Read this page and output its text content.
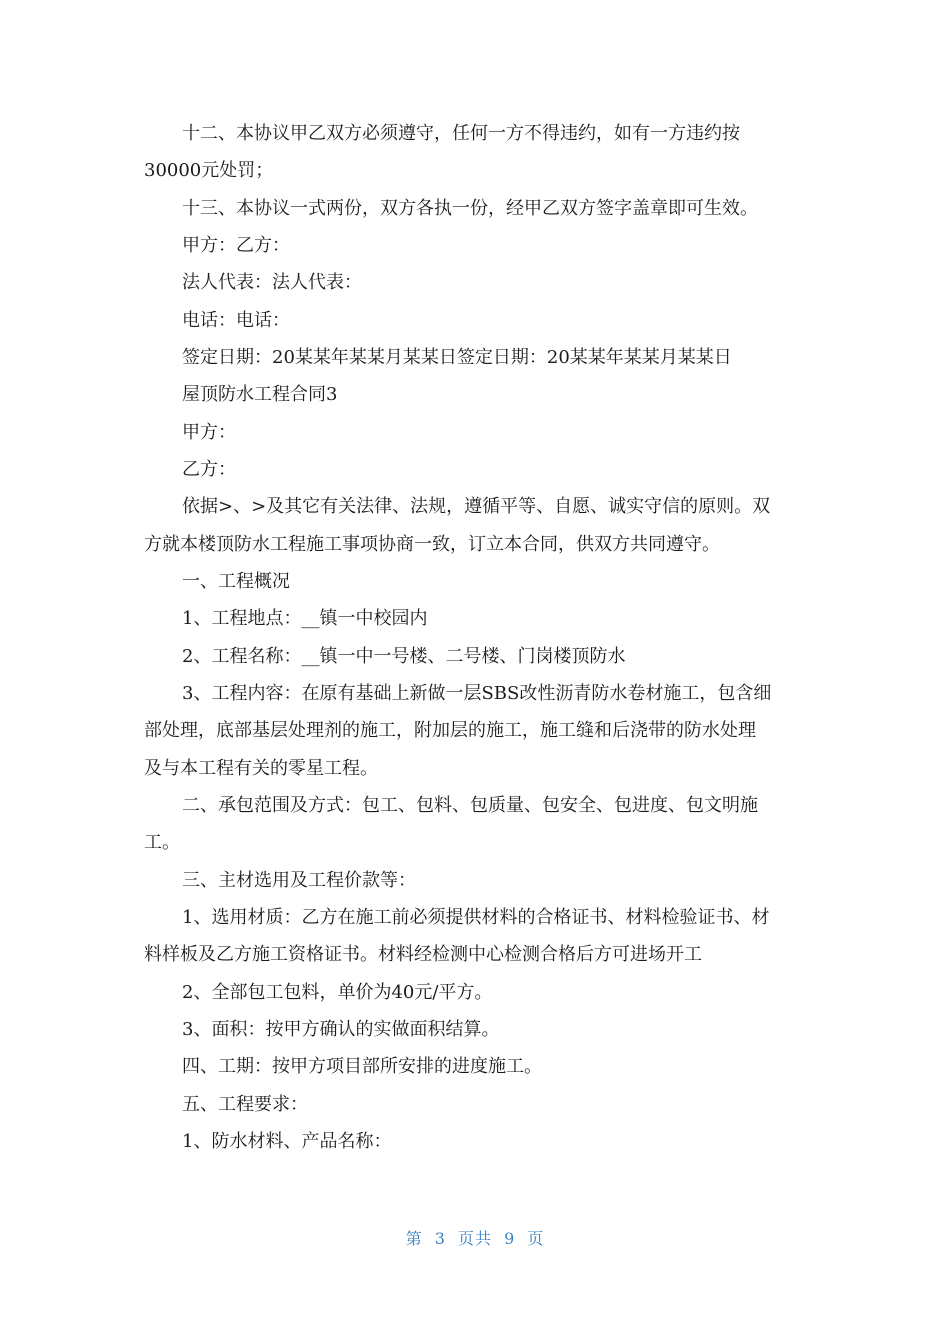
十二、本协议甲乙双方必须遵守，任何一方不得违约，如有一方违约按
30000元处罚；
十三、本协议一式两份，双方各执一份，经甲乙双方签字盖章即可生效。
甲方：乙方：
法人代表：法人代表：
电话：电话：
签定日期：20某某年某某月某某日签定日期：20某某年某某月某某日
屋顶防水工程合同3
甲方：
乙方：
依据>、>及其它有关法律、法规，遵循平等、自愿、诚实守信的原则。双
方就本楼顶防水工程施工事项协商一致，订立本合同，供双方共同遵守。
一、工程概况
1、工程地点：__镇一中校园内
2、工程名称：__镇一中一号楼、二号楼、门岗楼顶防水
3、工程内容：在原有基础上新做一层SBS改性沥青防水卷材施工，包含细
部处理，底部基层处理剂的施工，附加层的施工，施工缝和后浇带的防水处理
及与本工程有关的零星工程。
二、承包范围及方式：包工、包料、包质量、包安全、包进度、包文明施
工。
三、主材选用及工程价款等：
1、选用材质：乙方在施工前必须提供材料的合格证书、材料检验证书、材
料样板及乙方施工资格证书。材料经检测中心检测合格后方可进场开工
2、全部包工包料，单价为40元/平方。
3、面积：按甲方确认的实做面积结算。
四、工期：按甲方项目部所安排的进度施工。
五、工程要求：
1、防水材料、产品名称：
第 3 页共 9 页
